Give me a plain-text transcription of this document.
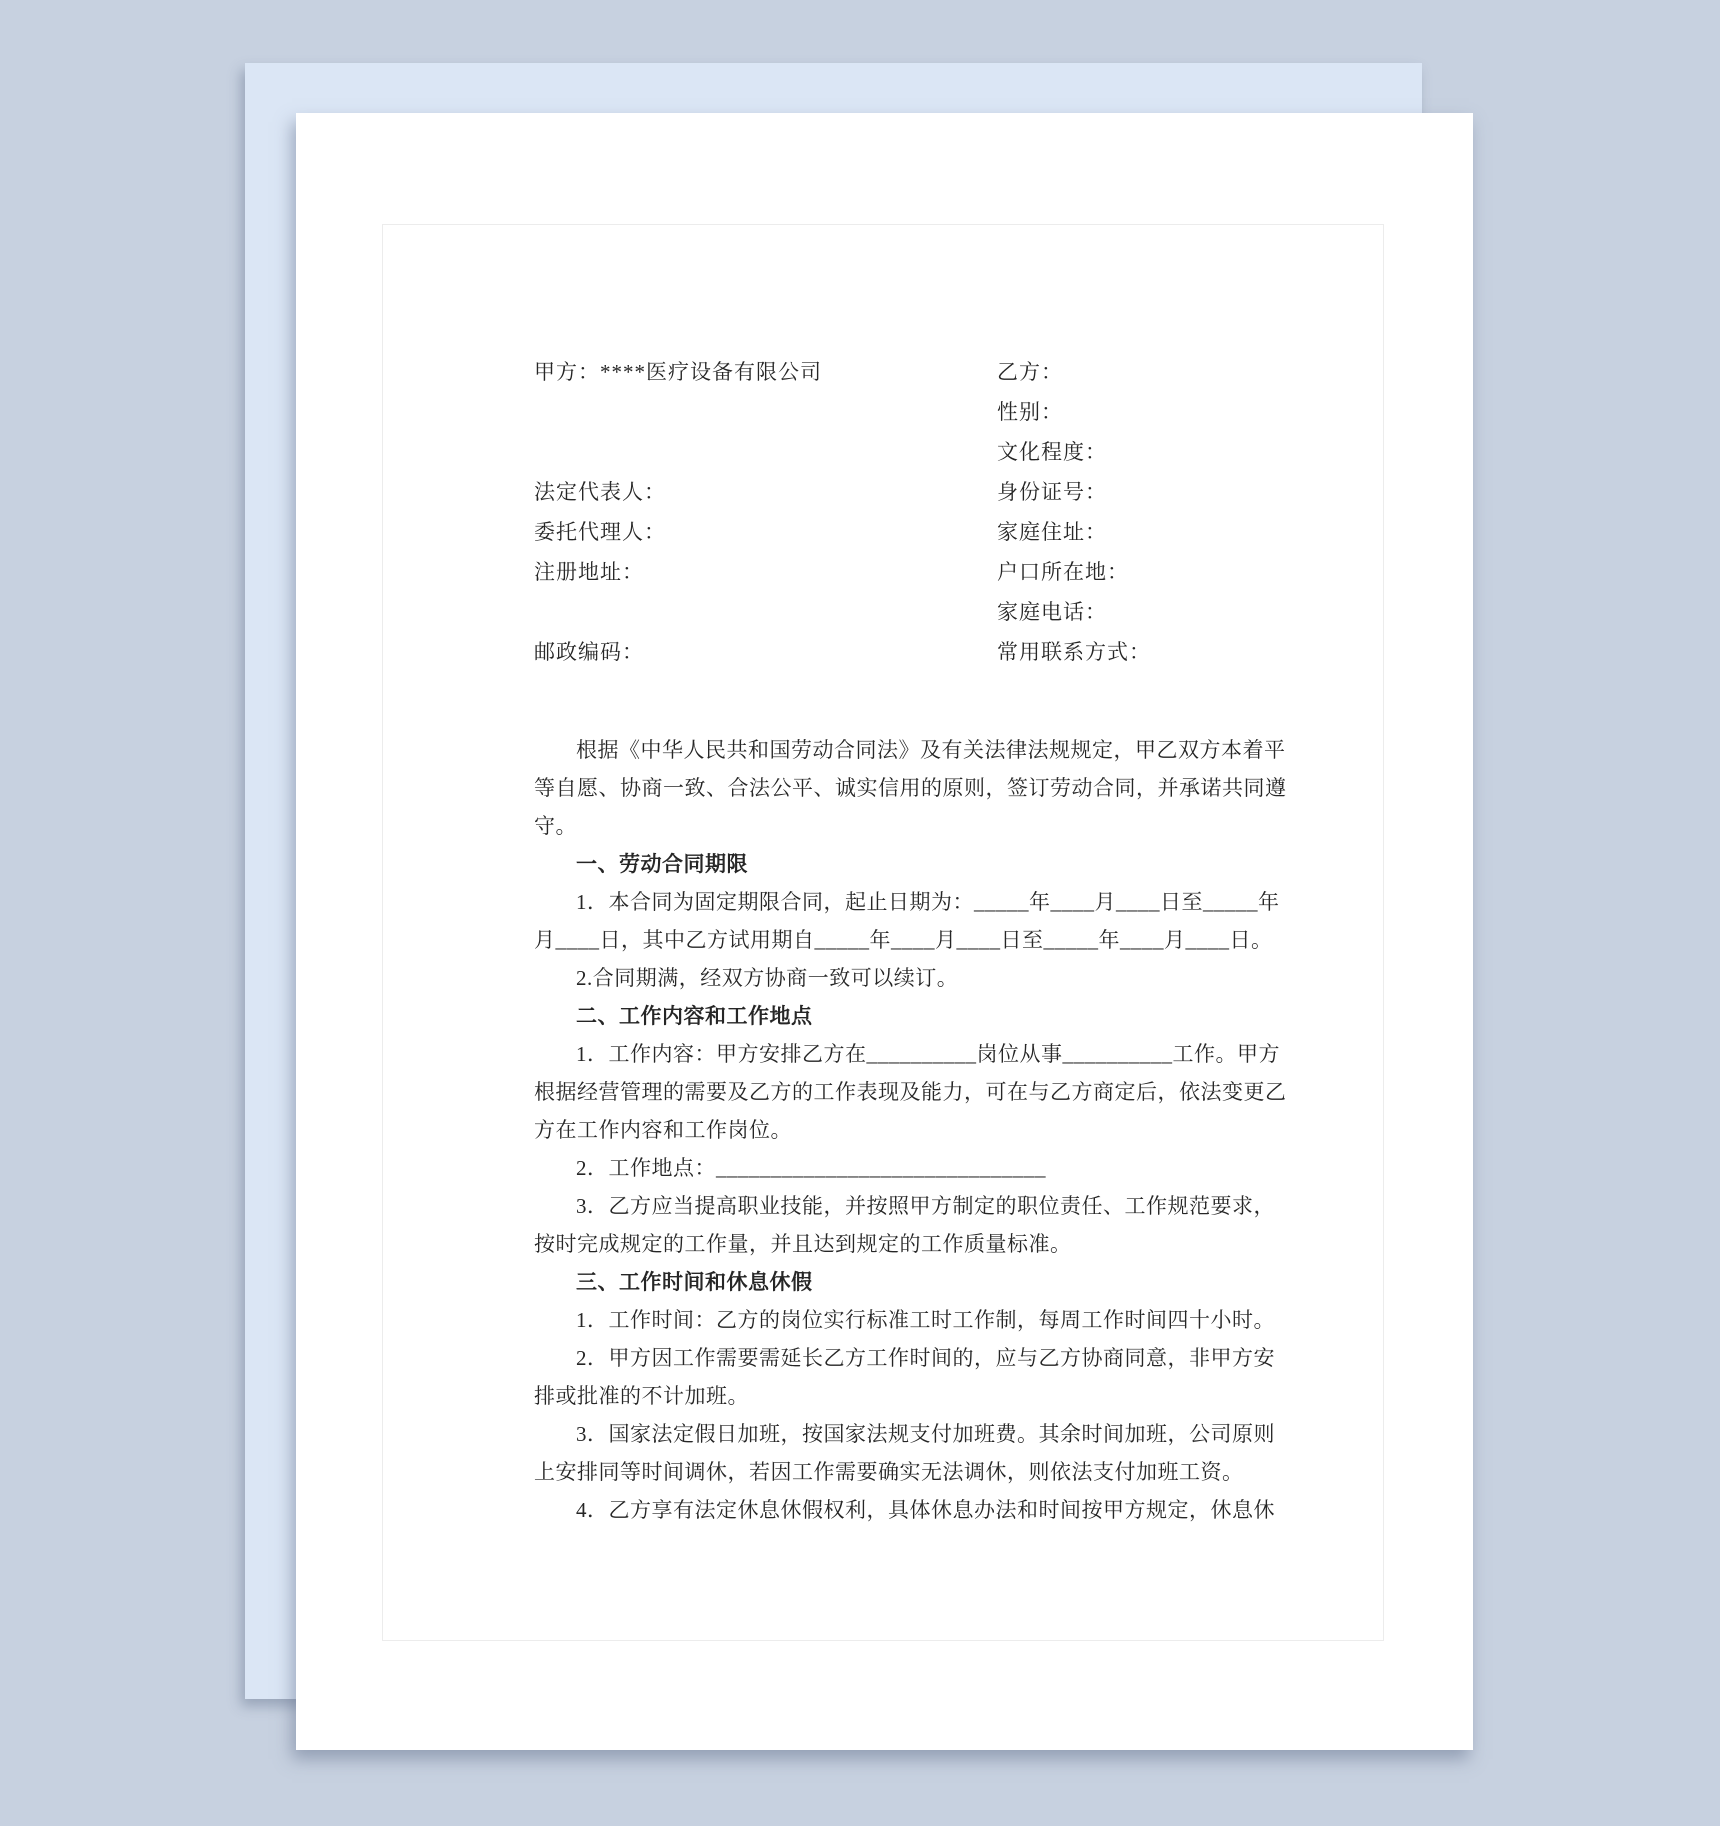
甲方：****医疗设备有限公司
法定代表人：
委托代理人：
注册地址：
邮政编码：
乙方：
性别：
文化程度：
身份证号：
家庭住址：
户口所在地：
家庭电话：
常用联系方式：
根据《中华人民共和国劳动合同法》及有关法律法规规定，甲乙双方本着平
等自愿、协商一致、合法公平、诚实信用的原则，签订劳动合同，并承诺共同遵
守。
一、劳动合同期限
1．本合同为固定期限合同，起止日期为：_____年____月____日至_____年
月____日，其中乙方试用期自_____年____月____日至_____年____月____日。
2.合同期满，经双方协商一致可以续订。
二、工作内容和工作地点
1．工作内容：甲方安排乙方在__________岗位从事__________工作。甲方
根据经营管理的需要及乙方的工作表现及能力，可在与乙方商定后，依法变更乙
方在工作内容和工作岗位。
2．工作地点：______________________________
3．乙方应当提高职业技能，并按照甲方制定的职位责任、工作规范要求，
按时完成规定的工作量，并且达到规定的工作质量标准。
三、工作时间和休息休假
1．工作时间：乙方的岗位实行标准工时工作制，每周工作时间四十小时。
2．甲方因工作需要需延长乙方工作时间的，应与乙方协商同意，非甲方安
排或批准的不计加班。
3．国家法定假日加班，按国家法规支付加班费。其余时间加班，公司原则
上安排同等时间调休，若因工作需要确实无法调休，则依法支付加班工资。
4．乙方享有法定休息休假权利，具体休息办法和时间按甲方规定，休息休
